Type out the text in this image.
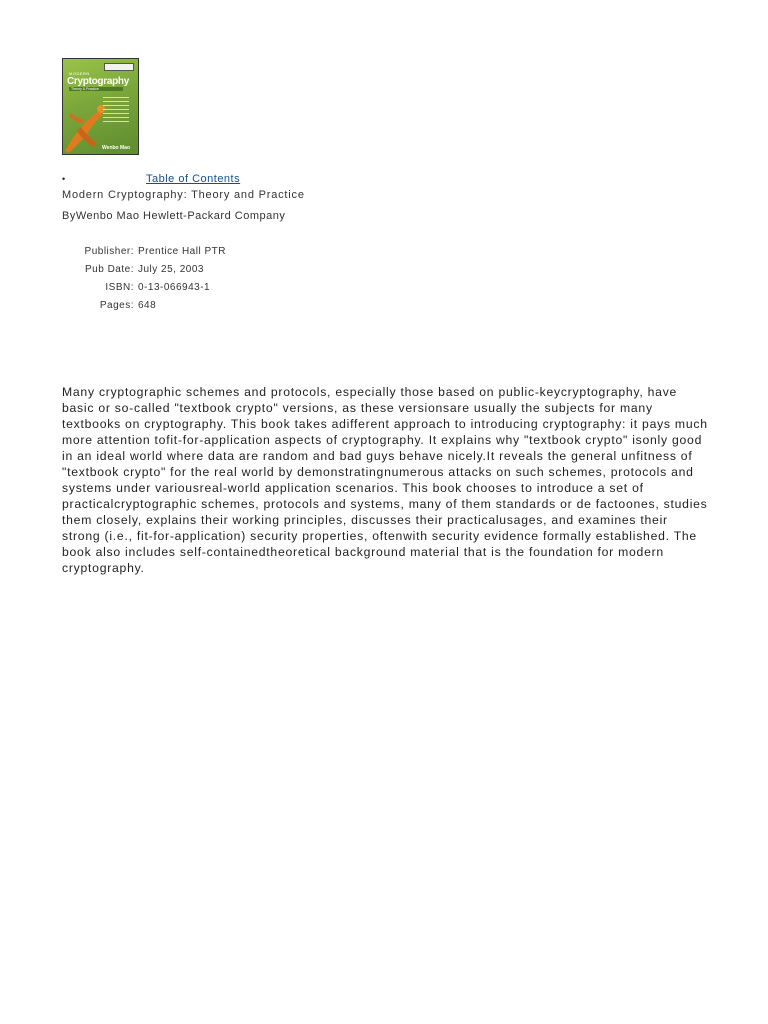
MODERN
Cryptography
Theory & Practice
Wenbo Mao
•	Table of Contents
Modern Cryptography: Theory and Practice
ByWenbo Mao Hewlett-Packard Company
Publisher: Prentice Hall PTR
Pub Date: July 25, 2003
ISBN: 0-13-066943-1
Pages: 648

Many cryptographic schemes and protocols, especially those based on public-keycryptography, have basic or so-called "textbook crypto" versions, as these versionsare usually the subjects for many textbooks on cryptography. This book takes adifferent approach to introducing cryptography: it pays much more attention tofit-for-application aspects of cryptography. It explains why "textbook crypto" isonly good in an ideal world where data are random and bad guys behave nicely.It reveals the general unfitness of "textbook crypto" for the real world by demonstratingnumerous attacks on such schemes, protocols and systems under variousreal-world application scenarios. This book chooses to introduce a set of practicalcryptographic schemes, protocols and systems, many of them standards or de factoones, studies them closely, explains their working principles, discusses their practicalusages, and examines their strong (i.e., fit-for-application) security properties, oftenwith security evidence formally established. The book also includes self-containedtheoretical background material that is the foundation for modern cryptography.
